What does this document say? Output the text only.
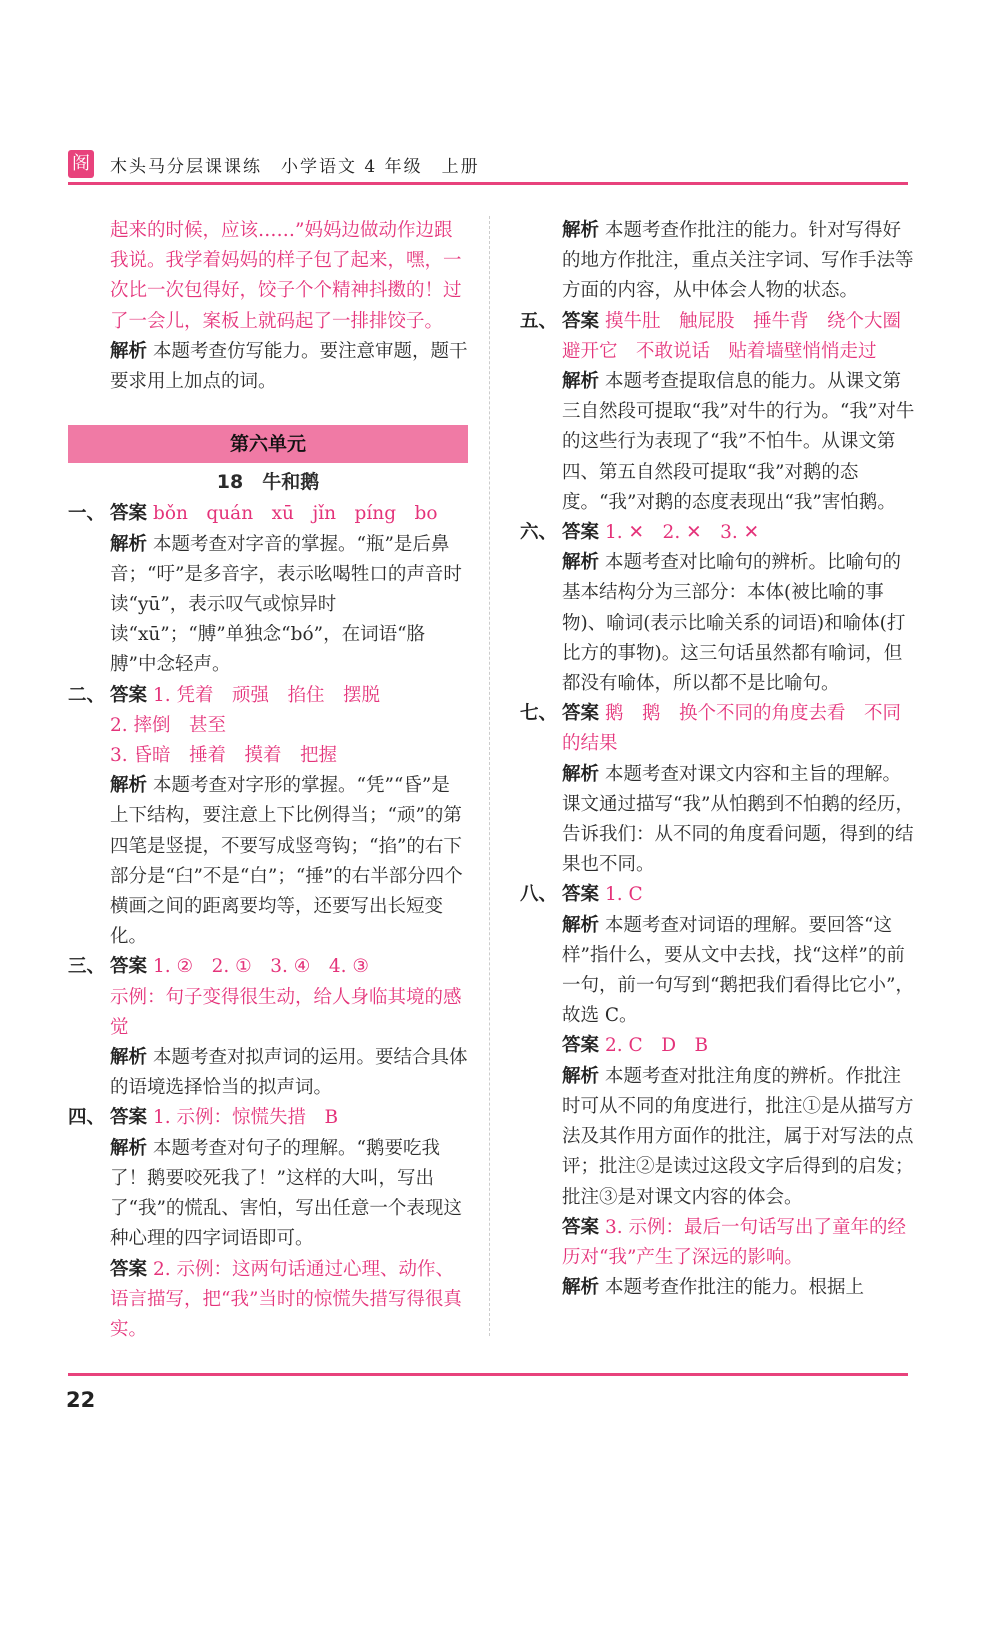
阁 木头马分层课课练　小学语文 4 年级　上册

起来的时候，应该……”妈妈边做动作边跟我说。我学着妈妈的样子包了起来，嘿，一次比一次包得好，饺子个个精神抖擞的！过了一会儿，案板上就码起了一排排饺子。

解析 本题考查仿写能力。要注意审题，题干要求用上加点的词。

第六单元
18　牛和鹅

一、 答案 bǒn　quán　xū　jǐn　píng　bo

解析 本题考查对字音的掌握。“瓶”是后鼻音；“吁”是多音字，表示吆喝牲口的声音时读“yū”，表示叹气或惊异时读“xū”；“膊”单独念“bó”，在词语“胳膊”中念轻声。

二、 答案 1. 凭着　顽强　掐住　摆脱

2. 摔倒　甚至

3. 昏暗　捶着　摸着　把握

解析 本题考查对字形的掌握。“凭”“昏”是上下结构，要注意上下比例得当；“顽”的第四笔是竖提，不要写成竖弯钩；“掐”的右下部分是“臼”不是“白”；“捶”的右半部分四个横画之间的距离要均等，还要写出长短变化。

三、 答案 1. ②　2. ①　3. ④　4. ③

示例：句子变得很生动，给人身临其境的感觉

解析 本题考查对拟声词的运用。要结合具体的语境选择恰当的拟声词。

四、 答案 1. 示例：惊慌失措　B

解析 本题考查对句子的理解。“鹅要吃我了！鹅要咬死我了！”这样的大叫，写出了“我”的慌乱、害怕，写出任意一个表现这种心理的四字词语即可。

答案 2. 示例：这两句话通过心理、动作、语言描写，把“我”当时的惊慌失措写得很真实。

解析 本题考查作批注的能力。针对写得好的地方作批注，重点关注字词、写作手法等方面的内容，从中体会人物的状态。

五、 答案 摸牛肚　触屁股　捶牛背　绕个大圈避开它　不敢说话　贴着墙壁悄悄走过

解析 本题考查提取信息的能力。从课文第三自然段可提取“我”对牛的行为。“我”对牛的这些行为表现了“我”不怕牛。从课文第四、第五自然段可提取“我”对鹅的态度。“我”对鹅的态度表现出“我”害怕鹅。

六、 答案 1. ✕　2. ✕　3. ✕

解析 本题考查对比喻句的辨析。比喻句的基本结构分为三部分：本体(被比喻的事物)、喻词(表示比喻关系的词语)和喻体(打比方的事物)。这三句话虽然都有喻词，但都没有喻体，所以都不是比喻句。

七、 答案 鹅　鹅　换个不同的角度去看　不同的结果

解析 本题考查对课文内容和主旨的理解。课文通过描写“我”从怕鹅到不怕鹅的经历，告诉我们：从不同的角度看问题，得到的结果也不同。

八、 答案 1. C

解析 本题考查对词语的理解。要回答“这样”指什么，要从文中去找，找“这样”的前一句，前一句写到“鹅把我们看得比它小”，故选 C。

答案 2. C　D　B

解析 本题考查对批注角度的辨析。作批注时可从不同的角度进行，批注①是从描写方法及其作用方面作的批注，属于对写法的点评；批注②是读过这段文字后得到的启发；批注③是对课文内容的体会。

答案 3. 示例：最后一句话写出了童年的经历对“我”产生了深远的影响。

解析 本题考查作批注的能力。根据上

22
